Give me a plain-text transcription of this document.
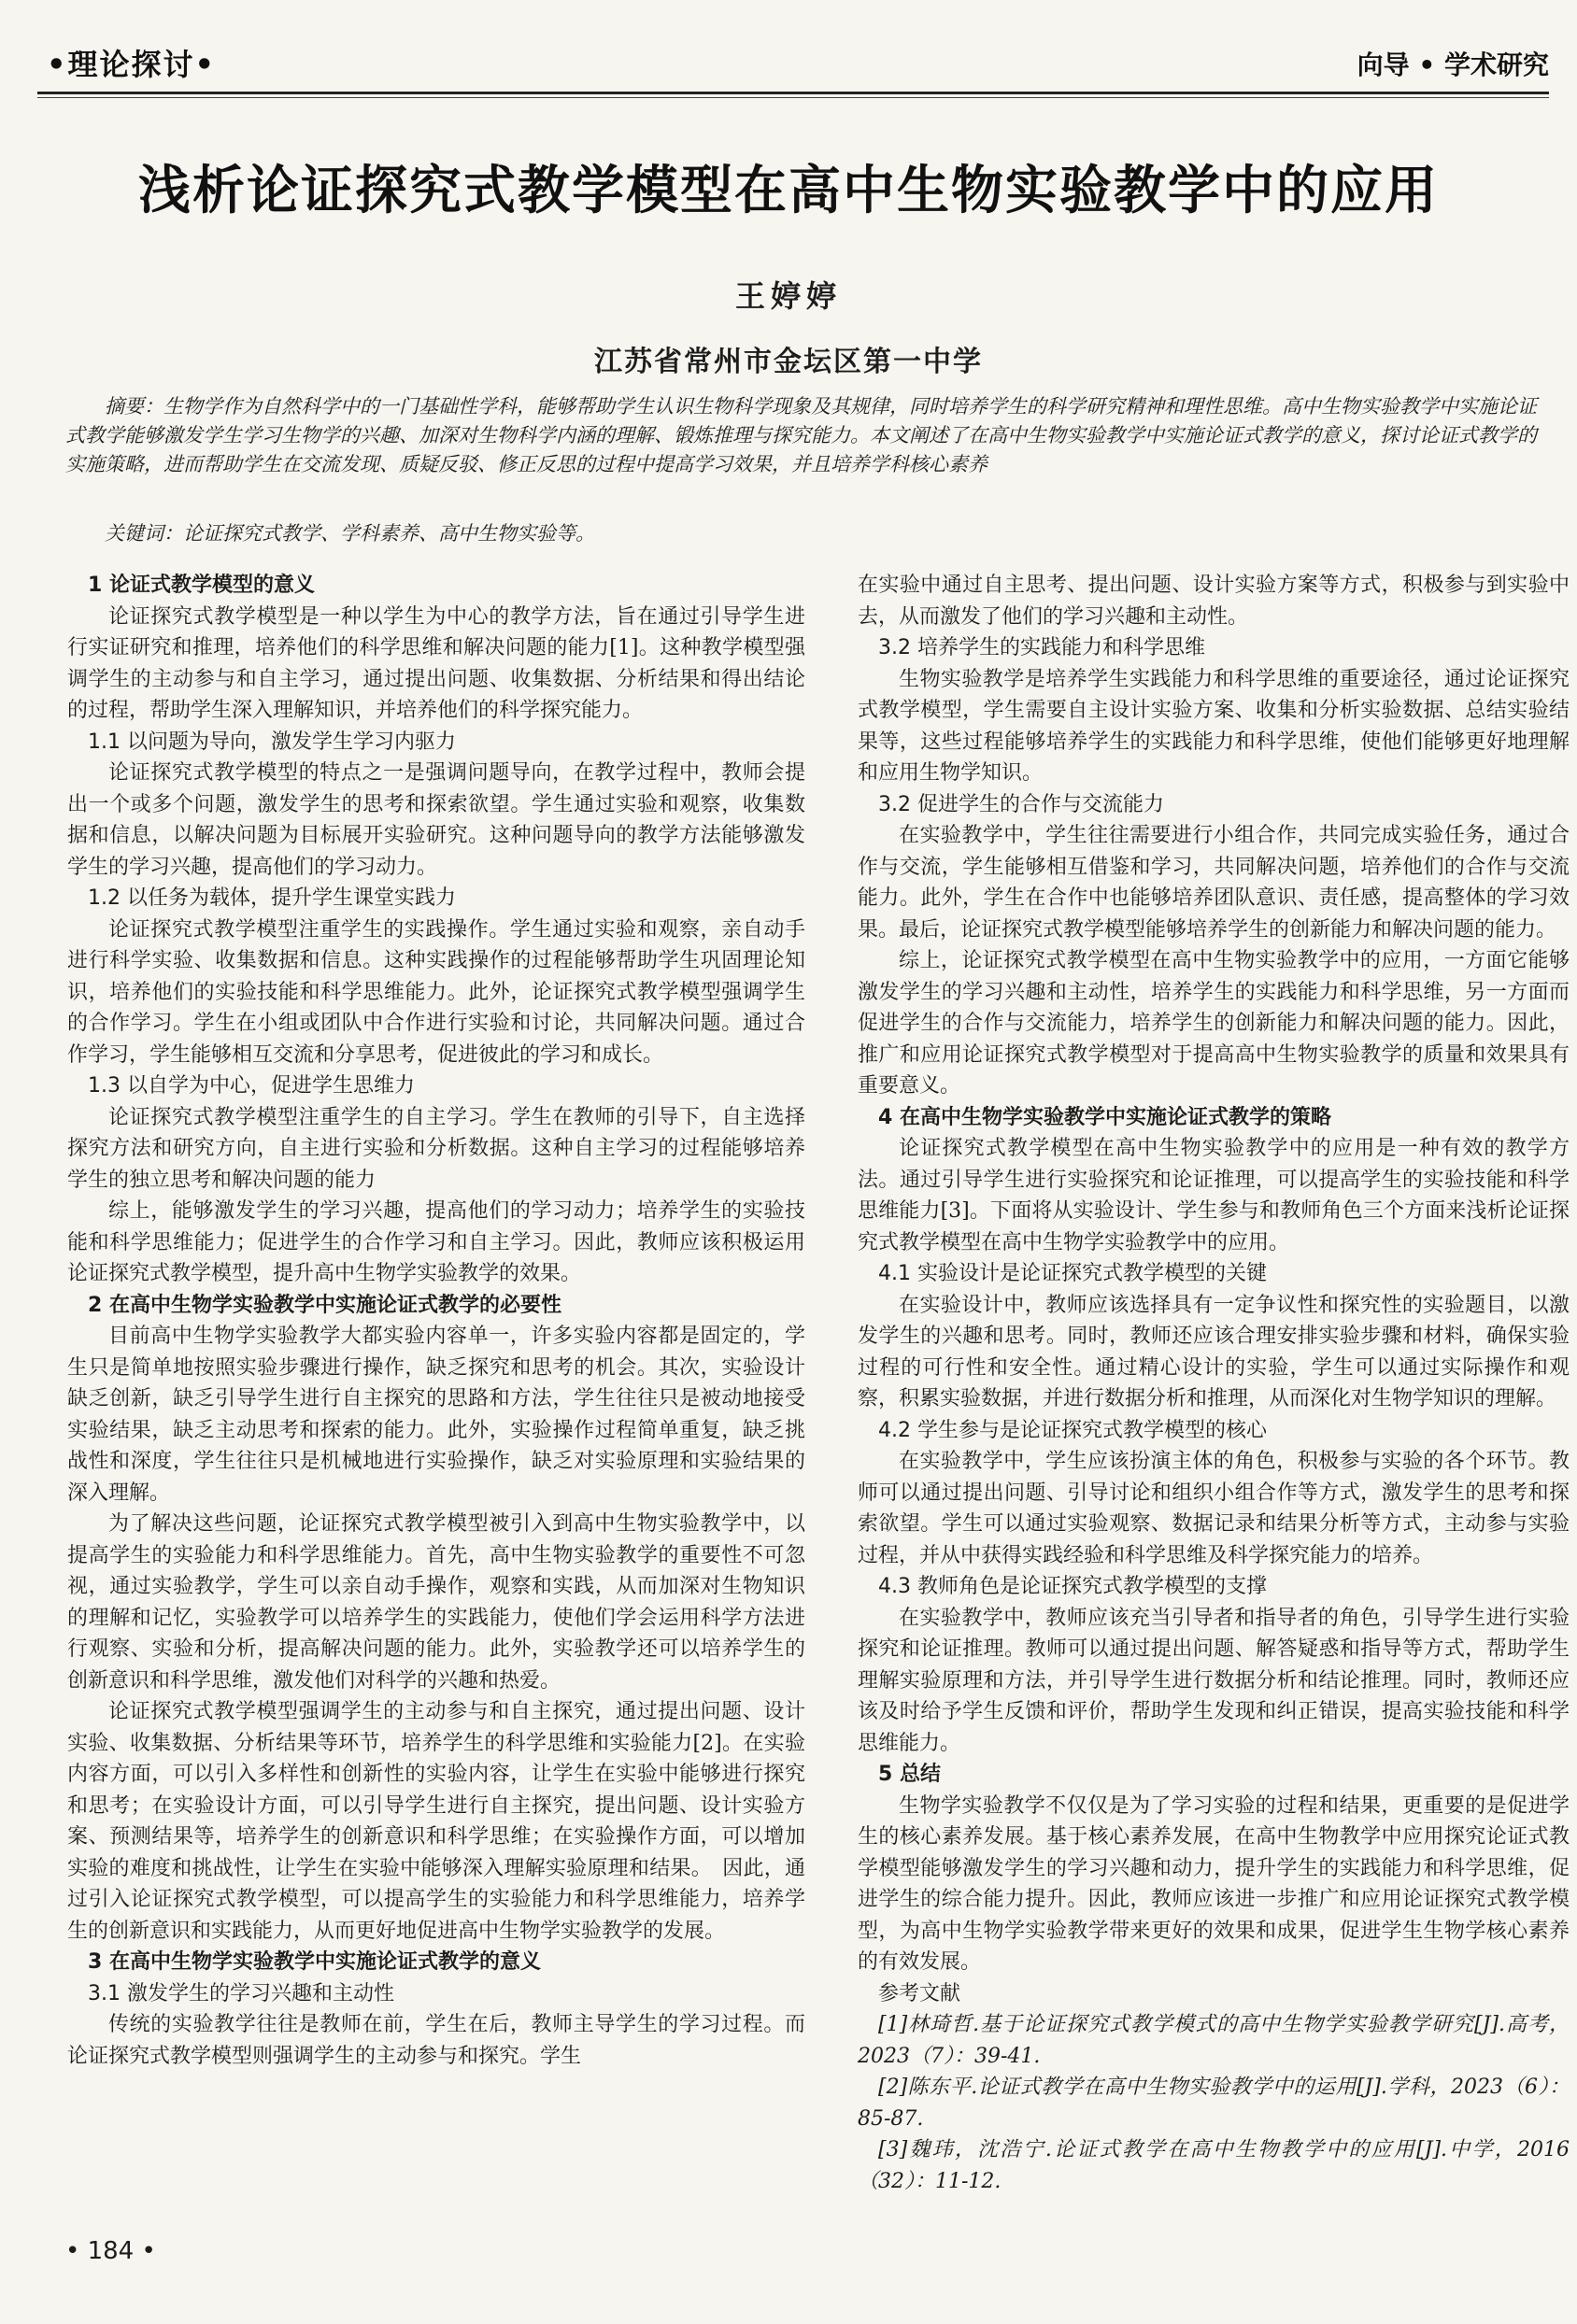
•理论探讨•	向导 • 学术研究
浅析论证探究式教学模型在高中生物实验教学中的应用
王婷婷
江苏省常州市金坛区第一中学
摘要：生物学作为自然科学中的一门基础性学科，能够帮助学生认识生物科学现象及其规律，同时培养学生的科学研究精神和理性思维。高中生物实验教学中实施论证式教学能够激发学生学习生物学的兴趣、加深对生物科学内涵的理解、锻炼推理与探究能力。本文阐述了在高中生物实验教学中实施论证式教学的意义，探讨论证式教学的实施策略，进而帮助学生在交流发现、质疑反驳、修正反思的过程中提高学习效果，并且培养学科核心素养
关键词：论证探究式教学、学科素养、高中生物实验等。
1 论证式教学模型的意义

论证探究式教学模型是一种以学生为中心的教学方法，旨在通过引导学生进行实证研究和推理，培养他们的科学思维和解决问题的能力[1]。这种教学模型强调学生的主动参与和自主学习，通过提出问题、收集数据、分析结果和得出结论的过程，帮助学生深入理解知识，并培养他们的科学探究能力。

1.1 以问题为导向，激发学生学习内驱力

论证探究式教学模型的特点之一是强调问题导向，在教学过程中，教师会提出一个或多个问题，激发学生的思考和探索欲望。学生通过实验和观察，收集数据和信息，以解决问题为目标展开实验研究。这种问题导向的教学方法能够激发学生的学习兴趣，提高他们的学习动力。

1.2 以任务为载体，提升学生课堂实践力

论证探究式教学模型注重学生的实践操作。学生通过实验和观察，亲自动手进行科学实验、收集数据和信息。这种实践操作的过程能够帮助学生巩固理论知识，培养他们的实验技能和科学思维能力。此外，论证探究式教学模型强调学生的合作学习。学生在小组或团队中合作进行实验和讨论，共同解决问题。通过合作学习，学生能够相互交流和分享思考，促进彼此的学习和成长。

1.3 以自学为中心，促进学生思维力

论证探究式教学模型注重学生的自主学习。学生在教师的引导下，自主选择探究方法和研究方向，自主进行实验和分析数据。这种自主学习的过程能够培养学生的独立思考和解决问题的能力

综上，能够激发学生的学习兴趣，提高他们的学习动力；培养学生的实验技能和科学思维能力；促进学生的合作学习和自主学习。因此，教师应该积极运用论证探究式教学模型，提升高中生物学实验教学的效果。

2 在高中生物学实验教学中实施论证式教学的必要性

目前高中生物学实验教学大都实验内容单一，许多实验内容都是固定的，学生只是简单地按照实验步骤进行操作，缺乏探究和思考的机会。其次，实验设计缺乏创新，缺乏引导学生进行自主探究的思路和方法，学生往往只是被动地接受实验结果，缺乏主动思考和探索的能力。此外，实验操作过程简单重复，缺乏挑战性和深度，学生往往只是机械地进行实验操作，缺乏对实验原理和实验结果的深入理解。

为了解决这些问题，论证探究式教学模型被引入到高中生物实验教学中，以提高学生的实验能力和科学思维能力。首先，高中生物实验教学的重要性不可忽视，通过实验教学，学生可以亲自动手操作，观察和实践，从而加深对生物知识的理解和记忆，实验教学可以培养学生的实践能力，使他们学会运用科学方法进行观察、实验和分析，提高解决问题的能力。此外，实验教学还可以培养学生的创新意识和科学思维，激发他们对科学的兴趣和热爱。

论证探究式教学模型强调学生的主动参与和自主探究，通过提出问题、设计实验、收集数据、分析结果等环节，培养学生的科学思维和实验能力[2]。在实验内容方面，可以引入多样性和创新性的实验内容，让学生在实验中能够进行探究和思考；在实验设计方面，可以引导学生进行自主探究，提出问题、设计实验方案、预测结果等，培养学生的创新意识和科学思维；在实验操作方面，可以增加实验的难度和挑战性，让学生在实验中能够深入理解实验原理和结果。　因此，通过引入论证探究式教学模型，可以提高学生的实验能力和科学思维能力，培养学生的创新意识和实践能力，从而更好地促进高中生物学实验教学的发展。

3 在高中生物学实验教学中实施论证式教学的意义
3.1 激发学生的学习兴趣和主动性

传统的实验教学往往是教师在前，学生在后，教师主导学生的学习过程。而论证探究式教学模型则强调学生的主动参与和探究。学生

在实验中通过自主思考、提出问题、设计实验方案等方式，积极参与到实验中去，从而激发了他们的学习兴趣和主动性。

3.2 培养学生的实践能力和科学思维

生物实验教学是培养学生实践能力和科学思维的重要途径，通过论证探究式教学模型，学生需要自主设计实验方案、收集和分析实验数据、总结实验结果等，这些过程能够培养学生的实践能力和科学思维，使他们能够更好地理解和应用生物学知识。

3.2 促进学生的合作与交流能力

在实验教学中，学生往往需要进行小组合作，共同完成实验任务，通过合作与交流，学生能够相互借鉴和学习，共同解决问题，培养他们的合作与交流能力。此外，学生在合作中也能够培养团队意识、责任感，提高整体的学习效果。最后，论证探究式教学模型能够培养学生的创新能力和解决问题的能力。

综上，论证探究式教学模型在高中生物实验教学中的应用，一方面它能够激发学生的学习兴趣和主动性，培养学生的实践能力和科学思维，另一方面而促进学生的合作与交流能力，培养学生的创新能力和解决问题的能力。因此，推广和应用论证探究式教学模型对于提高高中生物实验教学的质量和效果具有重要意义。

4 在高中生物学实验教学中实施论证式教学的策略

论证探究式教学模型在高中生物实验教学中的应用是一种有效的教学方法。通过引导学生进行实验探究和论证推理，可以提高学生的实验技能和科学思维能力[3]。下面将从实验设计、学生参与和教师角色三个方面来浅析论证探究式教学模型在高中生物学实验教学中的应用。

4.1 实验设计是论证探究式教学模型的关键

在实验设计中，教师应该选择具有一定争议性和探究性的实验题目，以激发学生的兴趣和思考。同时，教师还应该合理安排实验步骤和材料，确保实验过程的可行性和安全性。通过精心设计的实验，学生可以通过实际操作和观察，积累实验数据，并进行数据分析和推理，从而深化对生物学知识的理解。

4.2 学生参与是论证探究式教学模型的核心

在实验教学中，学生应该扮演主体的角色，积极参与实验的各个环节。教师可以通过提出问题、引导讨论和组织小组合作等方式，激发学生的思考和探索欲望。学生可以通过实验观察、数据记录和结果分析等方式，主动参与实验过程，并从中获得实践经验和科学思维及科学探究能力的培养。

4.3 教师角色是论证探究式教学模型的支撑

在实验教学中，教师应该充当引导者和指导者的角色，引导学生进行实验探究和论证推理。教师可以通过提出问题、解答疑惑和指导等方式，帮助学生理解实验原理和方法，并引导学生进行数据分析和结论推理。同时，教师还应该及时给予学生反馈和评价，帮助学生发现和纠正错误，提高实验技能和科学思维能力。

5 总结

生物学实验教学不仅仅是为了学习实验的过程和结果，更重要的是促进学生的核心素养发展。基于核心素养发展，在高中生物教学中应用探究论证式教学模型能够激发学生的学习兴趣和动力，提升学生的实践能力和科学思维，促进学生的综合能力提升。因此，教师应该进一步推广和应用论证探究式教学模型，为高中生物学实验教学带来更好的效果和成果，促进学生生物学核心素养的有效发展。

参考文献

[1]林琦哲.基于论证探究式教学模式的高中生物学实验教学研究[J].高考，2023（7）：39-41.

[2]陈东平.论证式教学在高中生物实验教学中的运用[J].学科，2023（6）：85-87.

[3]魏玮，沈浩宁.论证式教学在高中生物教学中的应用[J].中学，2016（32）：11-12.

• 184 •
